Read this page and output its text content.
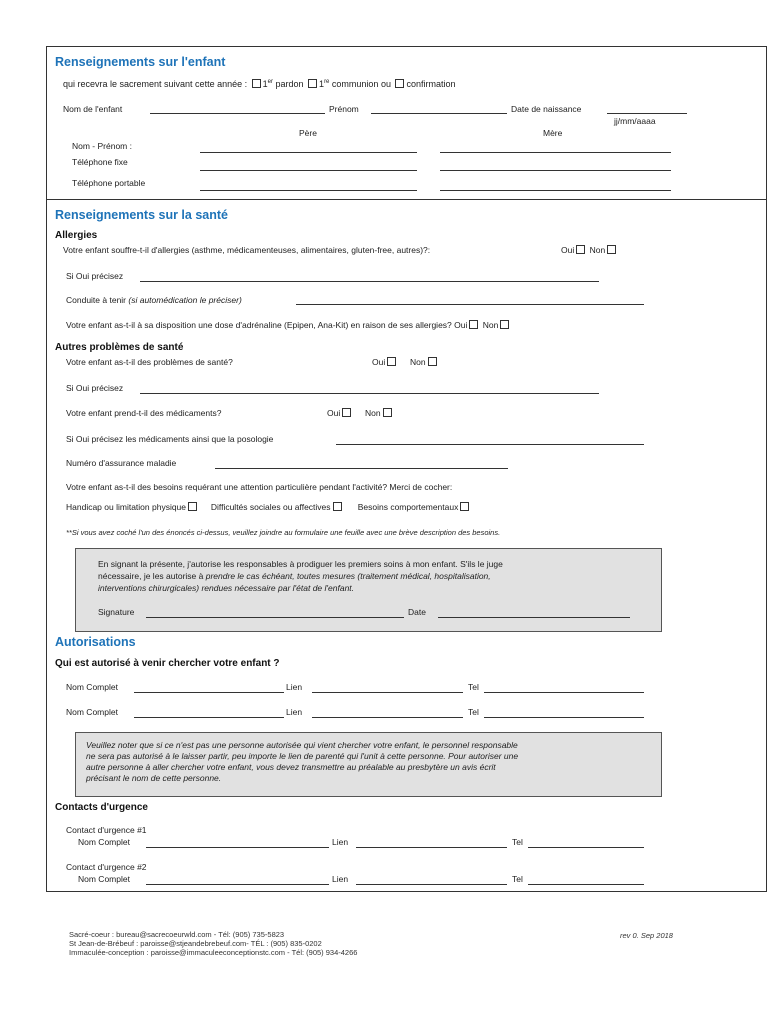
Renseignements sur l'enfant
qui recevra le sacrement suivant cette année : 1er pardon 1re communion ou confirmation
Nom de l'enfant	Prénom	Date de naissance
jj/mm/aaaa
Père	Mère
Nom - Prénom :
Téléphone fixe
Téléphone portable
Renseignements sur la santé
Allergies
Votre enfant souffre-t-il d'allergies (asthme, médicamenteuses, alimentaires, gluten-free, autres)?:	Oui Non
Si Oui précisez
Conduite à tenir (si automédication le préciser)
Votre enfant as-t-il à sa disposition une dose d'adrénaline (Epipen, Ana-Kit) en raison de ses allergies? Oui Non
Autres problèmes de santé
Votre enfant as-t-il des problèmes de santé?	Oui	Non
Si Oui précisez
Votre enfant prend-t-il des médicaments?	Oui	Non
Si Oui précisez les médicaments ainsi que la posologie
Numéro d'assurance maladie
Votre enfant as-t-il des besoins requérant une attention particulière pendant l'activité? Merci de cocher:
Handicap ou limitation physique	Difficultés sociales ou affectives	Besoins comportementaux
**Si vous avez coché l'un des énoncés ci-dessus, veuillez joindre au formulaire une feuille avec une brève description des besoins.
En signant la présente, j'autorise les responsables à prodiguer les premiers soins à mon enfant. S'ils le juge
nécessaire, je les autorise à prendre le cas échéant, toutes mesures (traitement médical, hospitalisation,
interventions chirurgicales) rendues nécessaire par l'état de l'enfant.
Signature	Date
Autorisations
Qui est autorisé à venir chercher votre enfant ?
Nom Complet	Lien	Tel
Nom Complet	Lien	Tel
Veuillez noter que si ce n'est pas une personne autorisée qui vient chercher votre enfant, le personnel responsable
ne sera pas autorisé à le laisser partir, peu importe le lien de parenté qui l'unit à cette personne. Pour autoriser une
autre personne à aller chercher votre enfant, vous devez transmettre au préalable au presbytère un avis écrit
précisant le nom de cette personne.
Contacts d'urgence
Contact d'urgence #1
Nom Complet	Lien	Tel
Contact d'urgence #2
Nom Complet	Lien	Tel
Sacré-coeur : bureau@sacrecoeurwld.com - Tél: (905) 735-5823
St Jean-de-Brébeuf : paroisse@stjeandebrebeuf.com- TÉL : (905) 835-0202
Immaculée-conception : paroisse@immaculeeconceptionstc.com - Tél: (905) 934-4266
rev 0. Sep 2018
